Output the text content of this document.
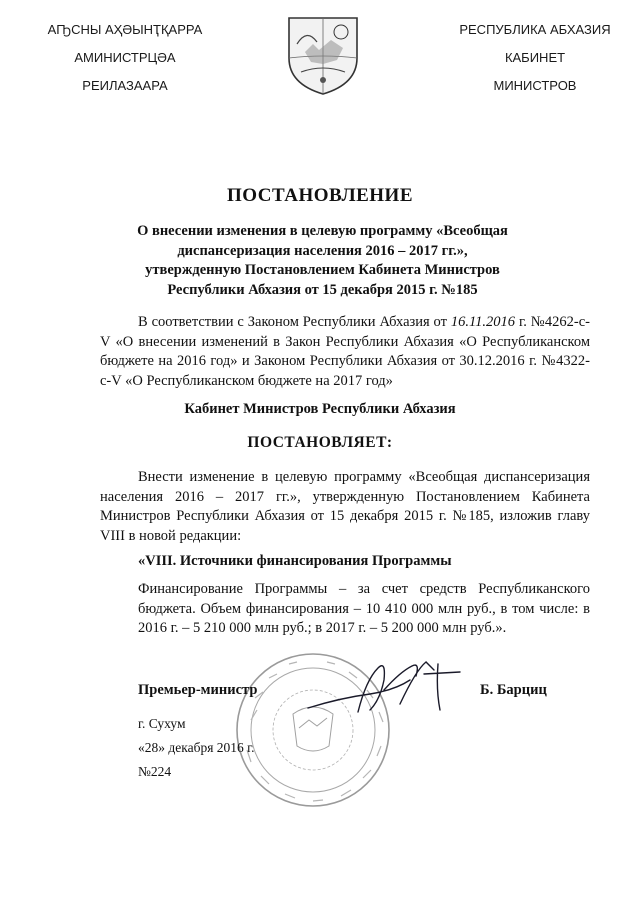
АҦСНЫ АҲӘЫНҬҚАРРА
АМИНИСТРЦӘА
РЕИЛАЗААРА
РЕСПУБЛИКА АБХАЗИЯ
КАБИНЕТ
МИНИСТРОВ
ПОСТАНОВЛЕНИЕ
О внесении изменения в целевую программу «Всеобщая диспансеризация населения 2016 – 2017 гг.», утвержденную Постановлением Кабинета Министров Республики Абхазия от 15 декабря 2015 г. №185
В соответствии с Законом Республики Абхазия от 16.11.2016 г. №4262-с-V «О внесении изменений в Закон Республики Абхазия «О Республиканском бюджете на 2016 год» и Законом Республики Абхазия от 30.12.2016 г. №4322-с-V «О Республиканском бюджете на 2017 год»
Кабинет Министров Республики Абхазия
ПОСТАНОВЛЯЕТ:
Внести изменение в целевую программу «Всеобщая диспансеризация населения 2016 – 2017 гг.», утвержденную Постановлением Кабинета Министров Республики Абхазия от 15 декабря 2015 г. №185, изложив главу VIII в новой редакции:
«VIII. Источники финансирования Программы
Финансирование Программы – за счет средств Республиканского бюджета. Объем финансирования – 10 410 000 млн руб., в том числе: в 2016 г. – 5 210 000 млн руб.; в 2017 г. – 5 200 000 млн руб.».
Премьер-министр	Б. Барциц
г. Сухум
«28» декабря 2016 г.
№224
